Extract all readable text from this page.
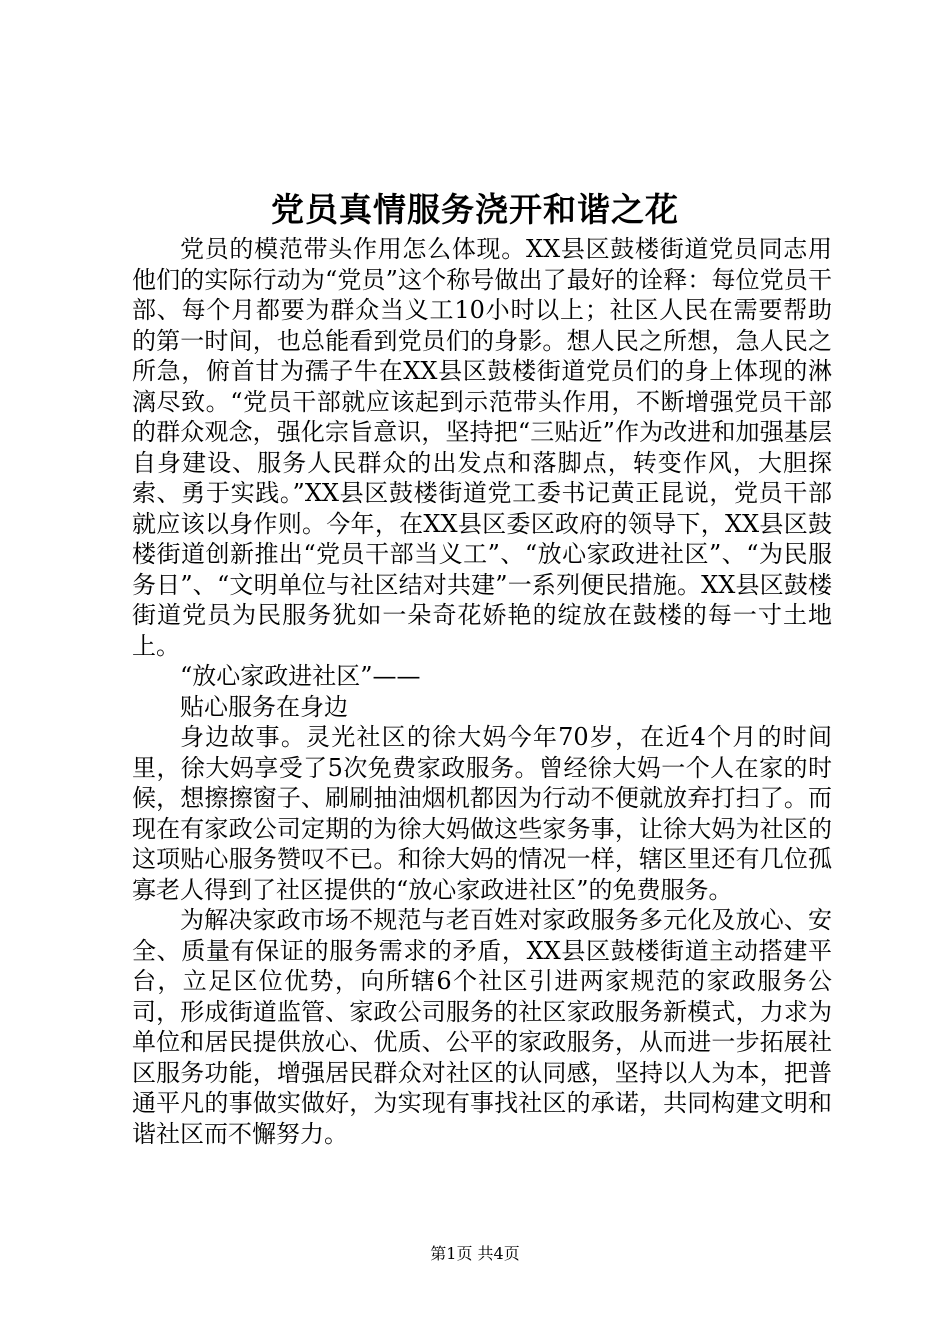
党员真情服务浇开和谐之花

党员的模范带头作用怎么体现。XX县区鼓楼街道党员同志用他们的实际行动为“党员”这个称号做出了最好的诠释：每位党员干部、每个月都要为群众当义工10小时以上；社区人民在需要帮助的第一时间，也总能看到党员们的身影。想人民之所想，急人民之所急，俯首甘为孺子牛在XX县区鼓楼街道党员们的身上体现的淋漓尽致。“党员干部就应该起到示范带头作用，不断增强党员干部的群众观念，强化宗旨意识，坚持把“三贴近”作为改进和加强基层自身建设、服务人民群众的出发点和落脚点，转变作风，大胆探索、勇于实践。”XX县区鼓楼街道党工委书记黄正昆说，党员干部就应该以身作则。今年，在XX县区委区政府的领导下，XX县区鼓楼街道创新推出“党员干部当义工”、“放心家政进社区”、“为民服务日”、“文明单位与社区结对共建”一系列便民措施。XX县区鼓楼街道党员为民服务犹如一朵奇花娇艳的绽放在鼓楼的每一寸土地上。

“放心家政进社区”——

贴心服务在身边

身边故事。灵光社区的徐大妈今年70岁，在近4个月的时间里，徐大妈享受了5次免费家政服务。曾经徐大妈一个人在家的时候，想擦擦窗子、刷刷抽油烟机都因为行动不便就放弃打扫了。而现在有家政公司定期的为徐大妈做这些家务事，让徐大妈为社区的这项贴心服务赞叹不已。和徐大妈的情况一样，辖区里还有几位孤寡老人得到了社区提供的“放心家政进社区”的免费服务。

为解决家政市场不规范与老百姓对家政服务多元化及放心、安全、质量有保证的服务需求的矛盾，XX县区鼓楼街道主动搭建平台，立足区位优势，向所辖6个社区引进两家规范的家政服务公司，形成街道监管、家政公司服务的社区家政服务新模式，力求为单位和居民提供放心、优质、公平的家政服务，从而进一步拓展社区服务功能，增强居民群众对社区的认同感，坚持以人为本，把普通平凡的事做实做好，为实现有事找社区的承诺，共同构建文明和谐社区而不懈努力。

第1页 共4页
